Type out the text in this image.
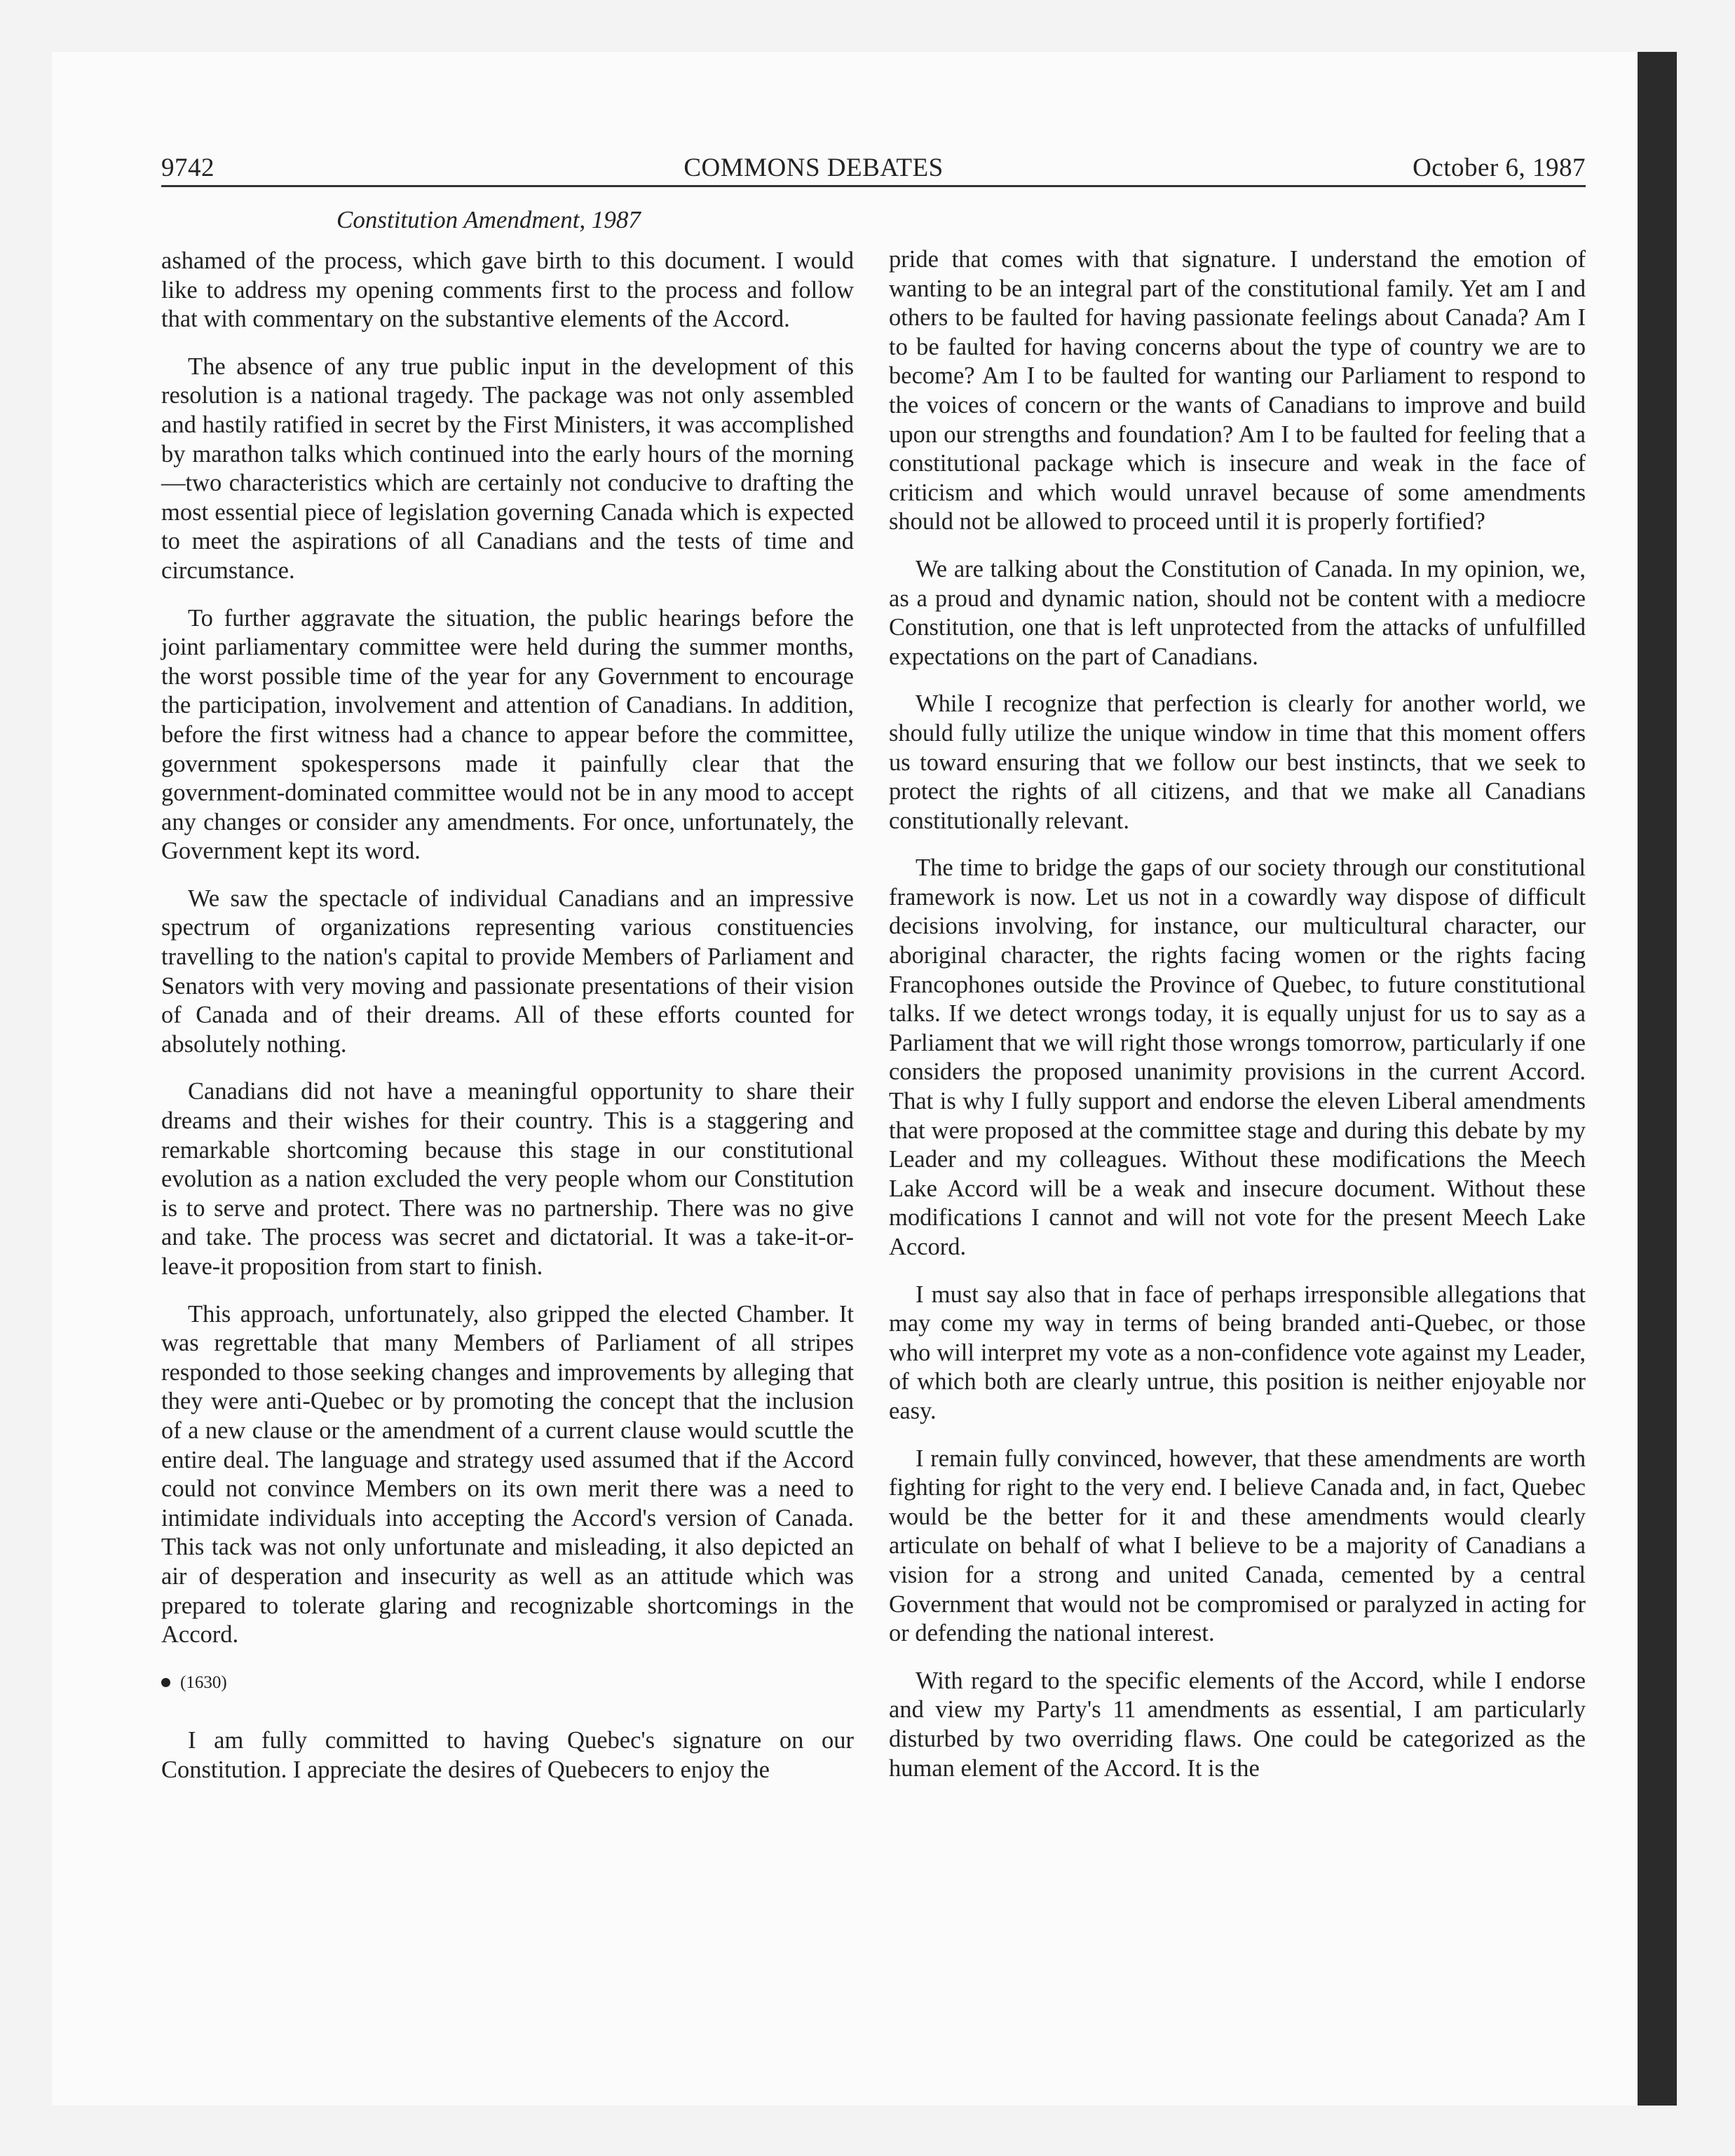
9742	COMMONS DEBATES	October 6, 1987
Constitution Amendment, 1987

ashamed of the process, which gave birth to this document. I would like to address my opening comments first to the process and follow that with commentary on the substantive elements of the Accord.

The absence of any true public input in the development of this resolution is a national tragedy. The package was not only assembled and hastily ratified in secret by the First Ministers, it was accomplished by marathon talks which continued into the early hours of the morning—two characteristics which are certainly not conducive to drafting the most essential piece of legislation governing Canada which is expected to meet the aspirations of all Canadians and the tests of time and circumstance.

To further aggravate the situation, the public hearings before the joint parliamentary committee were held during the summer months, the worst possible time of the year for any Government to encourage the participation, involvement and attention of Canadians. In addition, before the first witness had a chance to appear before the committee, government spokespersons made it painfully clear that the government-dominated committee would not be in any mood to accept any changes or consider any amendments. For once, unfortunately, the Government kept its word.

We saw the spectacle of individual Canadians and an impressive spectrum of organizations representing various constituencies travelling to the nation's capital to provide Members of Parliament and Senators with very moving and passionate presentations of their vision of Canada and of their dreams. All of these efforts counted for absolutely nothing.

Canadians did not have a meaningful opportunity to share their dreams and their wishes for their country. This is a staggering and remarkable shortcoming because this stage in our constitutional evolution as a nation excluded the very people whom our Constitution is to serve and protect. There was no partnership. There was no give and take. The process was secret and dictatorial. It was a take-it-or-leave-it proposition from start to finish.

This approach, unfortunately, also gripped the elected Chamber. It was regrettable that many Members of Parliament of all stripes responded to those seeking changes and improvements by alleging that they were anti-Quebec or by promoting the concept that the inclusion of a new clause or the amendment of a current clause would scuttle the entire deal. The language and strategy used assumed that if the Accord could not convince Members on its own merit there was a need to intimidate individuals into accepting the Accord's version of Canada. This tack was not only unfortunate and misleading, it also depicted an air of desperation and insecurity as well as an attitude which was prepared to tolerate glaring and recognizable shortcomings in the Accord.

(1630)

I am fully committed to having Quebec's signature on our Constitution. I appreciate the desires of Quebecers to enjoy the

pride that comes with that signature. I understand the emotion of wanting to be an integral part of the constitutional family. Yet am I and others to be faulted for having passionate feelings about Canada? Am I to be faulted for having concerns about the type of country we are to become? Am I to be faulted for wanting our Parliament to respond to the voices of concern or the wants of Canadians to improve and build upon our strengths and foundation? Am I to be faulted for feeling that a constitutional package which is insecure and weak in the face of criticism and which would unravel because of some amendments should not be allowed to proceed until it is properly fortified?

We are talking about the Constitution of Canada. In my opinion, we, as a proud and dynamic nation, should not be content with a mediocre Constitution, one that is left unprotected from the attacks of unfulfilled expectations on the part of Canadians.

While I recognize that perfection is clearly for another world, we should fully utilize the unique window in time that this moment offers us toward ensuring that we follow our best instincts, that we seek to protect the rights of all citizens, and that we make all Canadians constitutionally relevant.

The time to bridge the gaps of our society through our constitutional framework is now. Let us not in a cowardly way dispose of difficult decisions involving, for instance, our multicultural character, our aboriginal character, the rights facing women or the rights facing Francophones outside the Province of Quebec, to future constitutional talks. If we detect wrongs today, it is equally unjust for us to say as a Parliament that we will right those wrongs tomorrow, particularly if one considers the proposed unanimity provisions in the current Accord. That is why I fully support and endorse the eleven Liberal amendments that were proposed at the committee stage and during this debate by my Leader and my colleagues. Without these modifications the Meech Lake Accord will be a weak and insecure document. Without these modifications I cannot and will not vote for the present Meech Lake Accord.

I must say also that in face of perhaps irresponsible allegations that may come my way in terms of being branded anti-Quebec, or those who will interpret my vote as a non-confidence vote against my Leader, of which both are clearly untrue, this position is neither enjoyable nor easy.

I remain fully convinced, however, that these amendments are worth fighting for right to the very end. I believe Canada and, in fact, Quebec would be the better for it and these amendments would clearly articulate on behalf of what I believe to be a majority of Canadians a vision for a strong and united Canada, cemented by a central Government that would not be compromised or paralyzed in acting for or defending the national interest.

With regard to the specific elements of the Accord, while I endorse and view my Party's 11 amendments as essential, I am particularly disturbed by two overriding flaws. One could be categorized as the human element of the Accord. It is the
